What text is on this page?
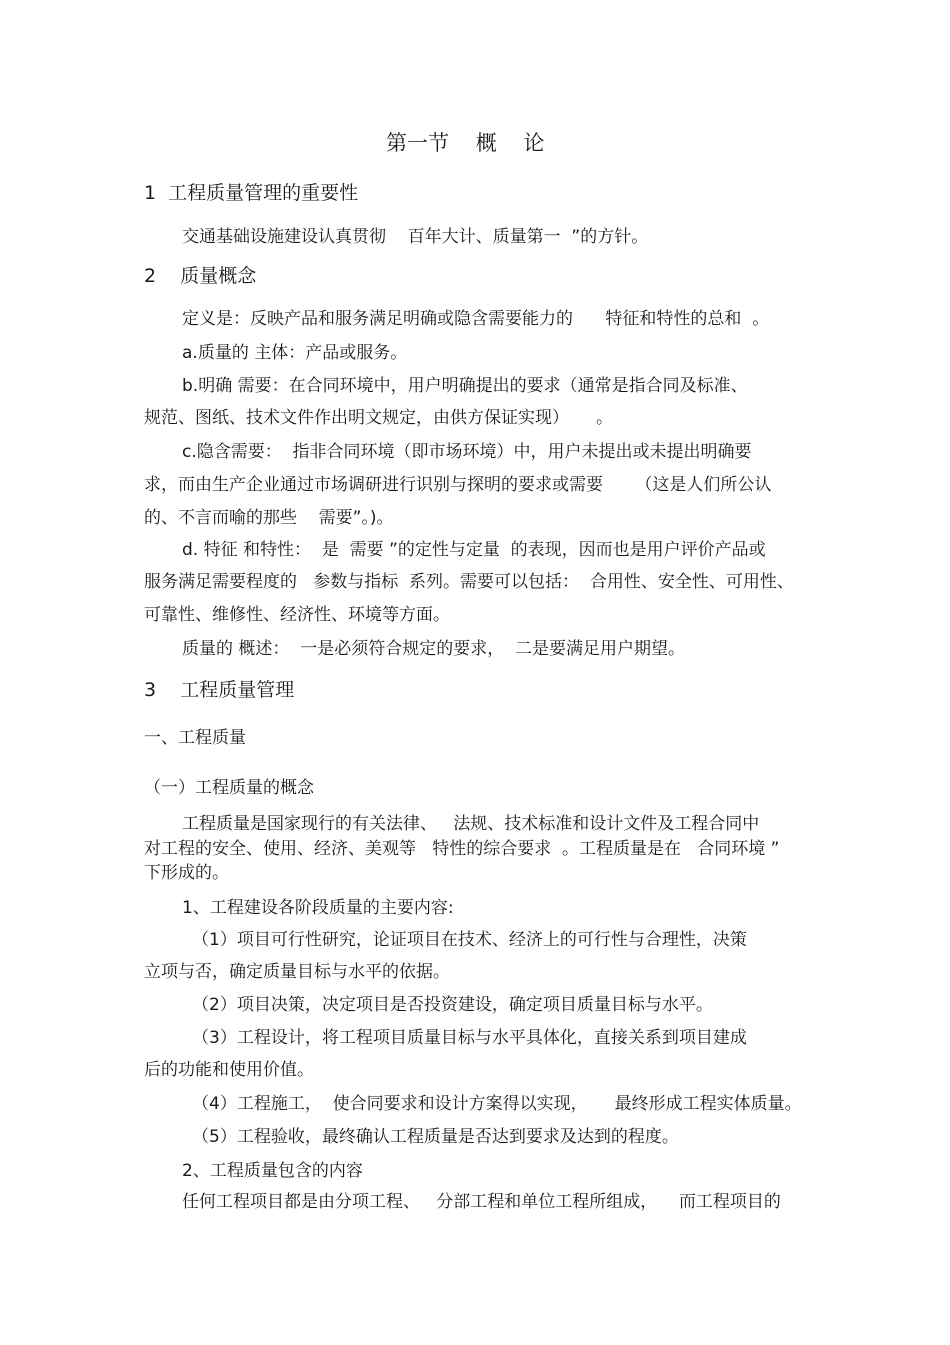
第一节    概    论
1  工程质量管理的重要性
交通基础设施建设认真贯彻    百年大计、质量第一  ”的方针。
2    质量概念
定义是：反映产品和服务满足明确或隐含需要能力的      特征和特性的总和  。
a.质量的 主体：产品或服务。
b.明确 需要：在合同环境中，用户明确提出的要求（通常是指合同及标准、
规范、图纸、技术文件作出明文规定，由供方保证实现）     。
c.隐含需要：  指非合同环境（即市场环境）中，用户未提出或未提出明确要
求，而由生产企业通过市场调研进行识别与探明的要求或需要      （这是人们所公认
的、不言而喻的那些    需要”。)。
d. 特征 和特性：  是  需要 ”的定性与定量  的表现，因而也是用户评价产品或
服务满足需要程度的   参数与指标  系列。需要可以包括：  合用性、安全性、可用性、
可靠性、维修性、经济性、环境等方面。
质量的 概述：  一是必须符合规定的要求，  二是要满足用户期望。
3    工程质量管理
一、工程质量
（一）工程质量的概念
工程质量是国家现行的有关法律、   法规、技术标准和设计文件及工程合同中
对工程的安全、使用、经济、美观等   特性的综合要求  。工程质量是在   合同环境 ”
下形成的。
1、工程建设各阶段质量的主要内容:
（1）项目可行性研究，论证项目在技术、经济上的可行性与合理性，决策
立项与否，确定质量目标与水平的依据。
（2）项目决策，决定项目是否投资建设，确定项目质量目标与水平。
（3）工程设计，将工程项目质量目标与水平具体化，直接关系到项目建成
后的功能和使用价值。
（4）工程施工，  使合同要求和设计方案得以实现，     最终形成工程实体质量。
（5）工程验收，最终确认工程质量是否达到要求及达到的程度。
2、工程质量包含的内容
任何工程项目都是由分项工程、   分部工程和单位工程所组成，    而工程项目的
